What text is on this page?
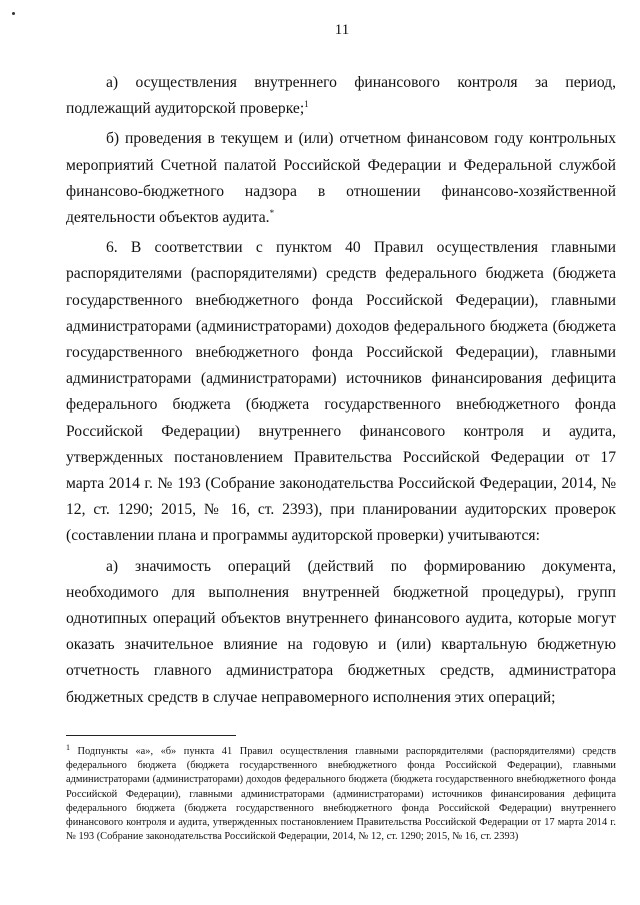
11

а) осуществления внутреннего финансового контроля за период, подлежащий аудиторской проверке;$^1$

б) проведения в текущем и (или) отчетном финансовом году контрольных мероприятий Счетной палатой Российской Федерации и Федеральной службой финансово-бюджетного надзора в отношении финансово-хозяйственной деятельности объектов аудита.*

6. В соответствии с пунктом 40 Правил осуществления главными распорядителями (распорядителями) средств федерального бюджета (бюджета государственного внебюджетного фонда Российской Федерации), главными администраторами (администраторами) доходов федерального бюджета (бюджета государственного внебюджетного фонда Российской Федерации), главными администраторами (администраторами) источников финансирования дефицита федерального бюджета (бюджета государственного внебюджетного фонда Российской Федерации) внутреннего финансового контроля и аудита, утвержденных постановлением Правительства Российской Федерации от 17 марта 2014 г. № 193 (Собрание законодательства Российской Федерации, 2014, № 12, ст. 1290; 2015, № 16, ст. 2393), при планировании аудиторских проверок (составлении плана и программы аудиторской проверки) учитываются:

а) значимость операций (действий по формированию документа, необходимого для выполнения внутренней бюджетной процедуры), групп однотипных операций объектов внутреннего финансового аудита, которые могут оказать значительное влияние на годовую и (или) квартальную бюджетную отчетность главного администратора бюджетных средств, администратора бюджетных средств в случае неправомерного исполнения этих операций;

$^1$ Подпункты «а», «б» пункта 41 Правил осуществления главными распорядителями (распорядителями) средств федерального бюджета (бюджета государственного внебюджетного фонда Российской Федерации), главными администраторами (администраторами) доходов федерального бюджета (бюджета государственного внебюджетного фонда Российской Федерации), главными администраторами (администраторами) источников финансирования дефицита федерального бюджета (бюджета государственного внебюджетного фонда Российской Федерации) внутреннего финансового контроля и аудита, утвержденных постановлением Правительства Российской Федерации от 17 марта 2014 г. № 193 (Собрание законодательства Российской Федерации, 2014, № 12, ст. 1290; 2015, № 16, ст. 2393)
